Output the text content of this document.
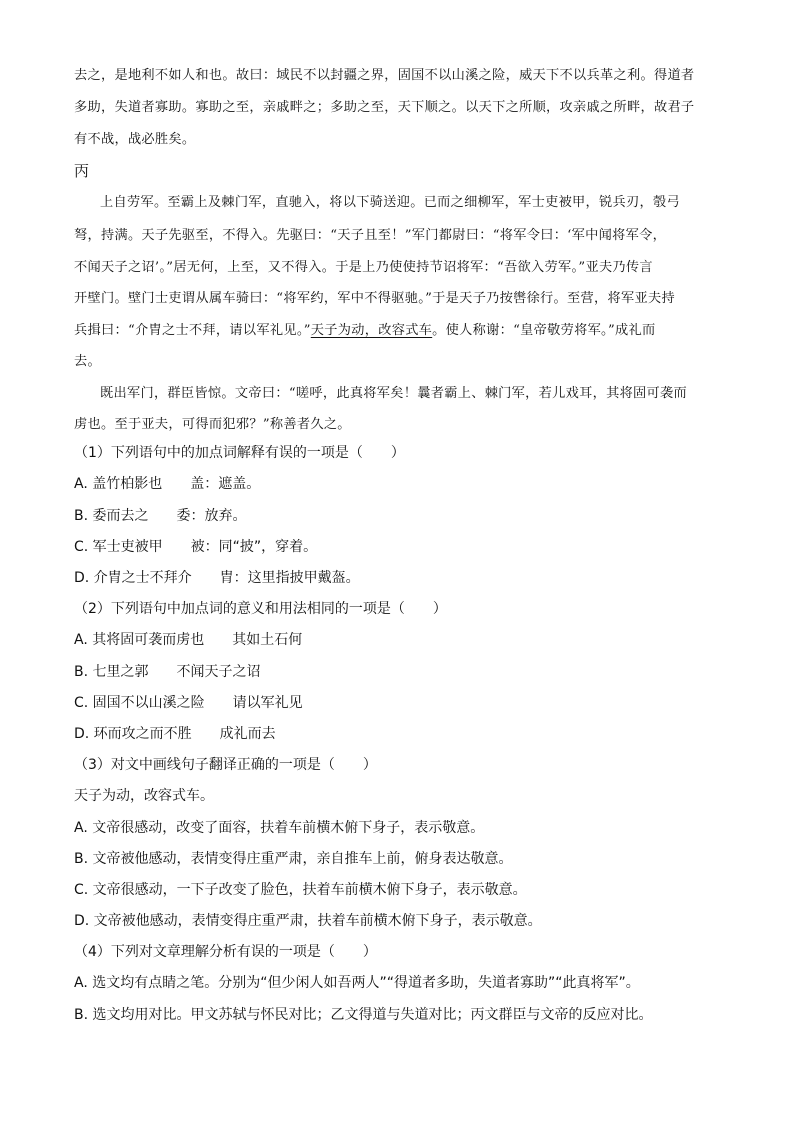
去之，是地利不如人和也。故曰：域民不以封疆之界，固国不以山溪之险，威天下不以兵革之利。得道者
多助，失道者寡助。寡助之至，亲戚畔之；多助之至，天下顺之。以天下之所顺，攻亲戚之所畔，故君子
有不战，战必胜矣。
丙
上自劳军。至霸上及棘门军，直驰入，将以下骑送迎。已而之细柳军，军士吏被甲，锐兵刃，彀弓
弩，持满。天子先驱至，不得入。先驱曰：“天子且至！”军门都尉曰：“将军令曰：‘军中闻将军令，
不闻天子之诏’。”居无何，上至，又不得入。于是上乃使使持节诏将军：“吾欲入劳军。”亚夫乃传言
开壁门。壁门士吏谓从属车骑曰：“将军约，军中不得驱驰。”于是天子乃按辔徐行。至营，将军亚夫持
兵揖曰：“介胄之士不拜，请以军礼见。”天子为动，改容式车。使人称谢：“皇帝敬劳将军。”成礼而
去。
既出军门，群臣皆惊。文帝曰：“嗟呼，此真将军矣！曩者霸上、棘门军，若儿戏耳，其将固可袭而
虏也。至于亚夫，可得而犯邪？”称善者久之。
（1）下列语句中的加点词解释有误的一项是（　　）
A. 盖竹柏影也　　盖：遮盖。
B. 委而去之　　委：放弃。
C. 军士吏被甲　　被：同“披”，穿着。
D. 介胄之士不拜介　　胄：这里指披甲戴盔。
（2）下列语句中加点词的意义和用法相同的一项是（　　）
A. 其将固可袭而虏也　　其如土石何
B. 七里之郭　　不闻天子之诏
C. 固国不以山溪之险　　请以军礼见
D. 环而攻之而不胜　　成礼而去
（3）对文中画线句子翻译正确的一项是（　　）
天子为动，改容式车。
A. 文帝很感动，改变了面容，扶着车前横木俯下身子，表示敬意。
B. 文帝被他感动，表情变得庄重严肃，亲自推车上前，俯身表达敬意。
C. 文帝很感动，一下子改变了脸色，扶着车前横木俯下身子，表示敬意。
D. 文帝被他感动，表情变得庄重严肃，扶着车前横木俯下身子，表示敬意。
（4）下列对文章理解分析有误的一项是（　　）
A. 选文均有点睛之笔。分别为“但少闲人如吾两人”“得道者多助，失道者寡助”“此真将军”。
B. 选文均用对比。甲文苏轼与怀民对比；乙文得道与失道对比；丙文群臣与文帝的反应对比。
